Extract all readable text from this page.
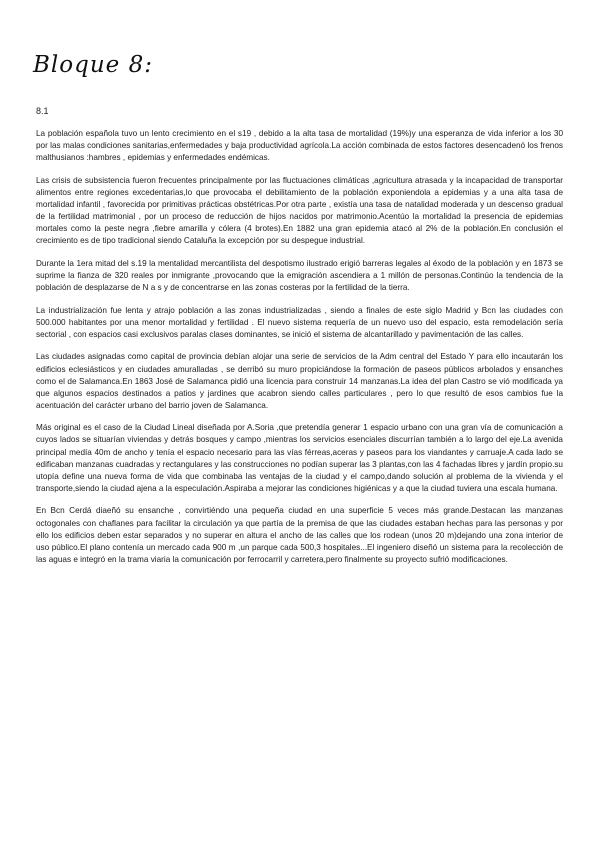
Bloque 8:
8.1

La población española tuvo un lento crecimiento en el s19 , debido a la alta tasa de mortalidad (19%)y una esperanza de vida inferior a los 30 por las malas condiciones sanitarias,enfermedades y baja productividad agrícola.La acción combinada de estos factores desencadenó los frenos malthusianos :hambres , epidemias y enfermedades endémicas.

Las crisis de subsistencia fueron frecuentes principalmente por las fluctuaciones climáticas ,agricultura atrasada y la incapacidad de transportar alimentos entre regiones excedentarias,lo que provocaba el debilitamiento de la población exponiendola a epidemias y a una alta tasa de mortalidad infantil , favorecida por primitivas prácticas obstétricas.Por otra parte , existía una tasa de natalidad moderada y un descenso gradual de la fertilidad matrimonial , por un proceso de reducción de hijos nacidos por matrimonio.Acentúo la mortalidad la presencia de epidemias mortales como la peste negra ,fiebre amarilla y cólera (4 brotes).En 1882 una gran epidemia atacó al 2% de la población.En conclusión el crecimiento es de tipo tradicional siendo Cataluña la excepción por su despegue industrial.

Durante la 1era mitad del s.19 la mentalidad mercantilista del despotismo ilustrado erigió barreras legales al éxodo de la población y en 1873 se suprime la fianza de 320 reales por inmigrante ,provocando que la emigración ascendiera a 1 millón de personas.Continúo la tendencia de la población de desplazarse de N a s y de concentrarse en las zonas costeras por la fertilidad de la tierra.

La industrialización fue lenta y atrajo población a las zonas industrializadas , siendo a finales de este siglo Madrid y Bcn las ciudades con 500.000 habitantes por una menor mortalidad y fertilidad . El nuevo sistema requería de un nuevo uso del espacio, esta remodelación sería sectorial , con espacios casi exclusivos paralas clases dominantes, se inició el sistema de alcantarillado y pavimentación de las calles.

Las ciudades asignadas como capital de provincia debían alojar una serie de servicios de la Adm central del Estado Y para ello incautarán los edificios eclesiásticos y en ciudades amuralladas , se derribó su muro propiciándose la formación de paseos públicos arbolados y ensanches como el de Salamanca.En 1863 José de Salamanca pidió una licencia para construir 14 manzanas.La idea del plan Castro se vió modificada ya que algunos espacios destinados a patios y jardines que acabron siendo calles particulares , pero lo que resultó de esos cambios fue la acentuación del carácter urbano del barrio joven de Salamanca.

Más original es el caso de la Ciudad Lineal diseñada por A.Soria ,que pretendía generar 1 espacio urbano con una gran vía de comunicación a cuyos lados se situarían viviendas y detrás bosques y campo ,mientras los servicios esenciales discurrían también a lo largo del eje.La avenida principal medía 40m de ancho y tenía el espacio necesario para las vías férreas,aceras y paseos para los viandantes y carruaje.A cada lado se edificaban manzanas cuadradas y rectangulares y las construcciones no podían superar las 3 plantas,con las 4 fachadas libres y jardín propio.su utopía define una nueva forma de vida que combinaba las ventajas de la ciudad y el campo,dando solución al problema de la vivienda y el transporte,siendo la ciudad ajena a la especulación.Aspiraba a mejorar las condiciones higiénicas y a que la ciudad tuviera una escala humana.

En Bcn Cerdá diaeñó su ensanche , convirtiéndo una pequeña ciudad en una superficie 5 veces más grande.Destacan las manzanas octogonales con chaflanes para facilitar la circulación ya que partía de la premisa de que las ciudades estaban hechas para las personas y por ello los edificios deben estar separados y no superar en altura el ancho de las calles que los rodean (unos 20 m)dejando una zona interior de uso público.El plano contenía un mercado cada 900 m ,un parque cada 500,3 hospitales...El ingeniero diseñó un sistema para la recolección de las aguas e integró en la trama viaria la comunicación por ferrocarril y carretera,pero finalmente su proyecto sufrió modificaciones.
